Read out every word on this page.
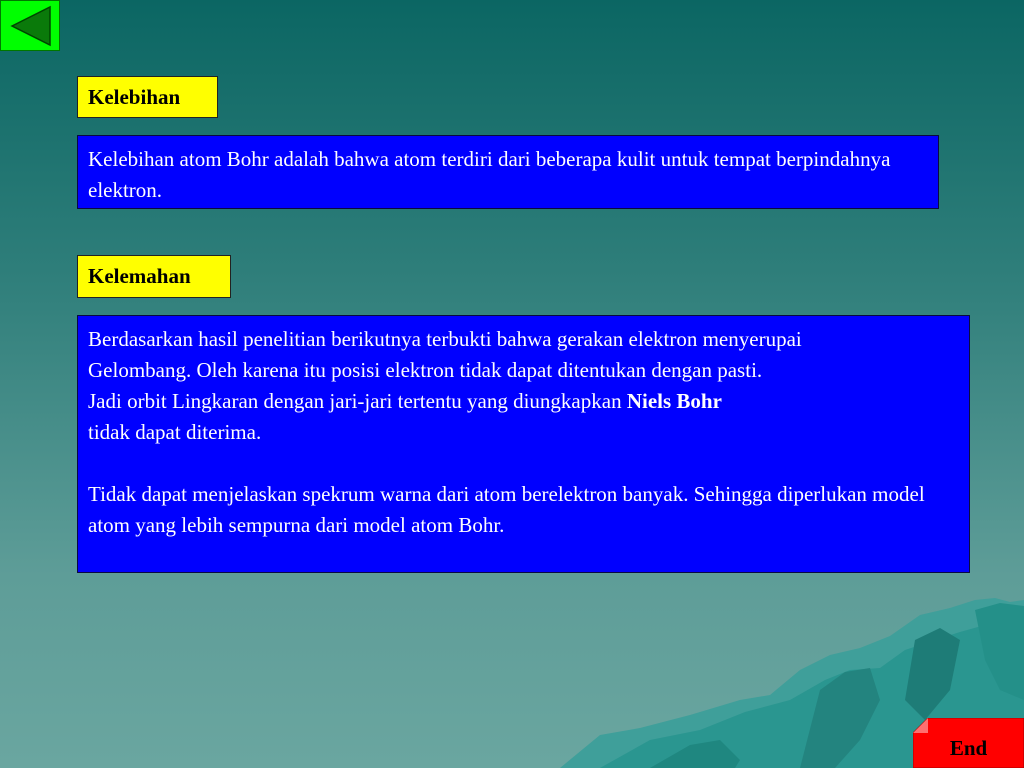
Kelebihan

Kelebihan atom Bohr adalah bahwa atom terdiri dari beberapa kulit untuk tempat berpindahnya elektron.

Kelemahan

Berdasarkan hasil penelitian berikutnya terbukti bahwa gerakan elektron menyerupai

Gelombang. Oleh karena itu posisi elektron tidak dapat ditentukan dengan pasti.

Jadi orbit Lingkaran dengan jari-jari tertentu yang diungkapkan Niels Bohr

tidak dapat diterima.

Tidak dapat menjelaskan spekrum warna dari atom berelektron banyak. Sehingga diperlukan model atom yang lebih sempurna dari model atom Bohr.

End
